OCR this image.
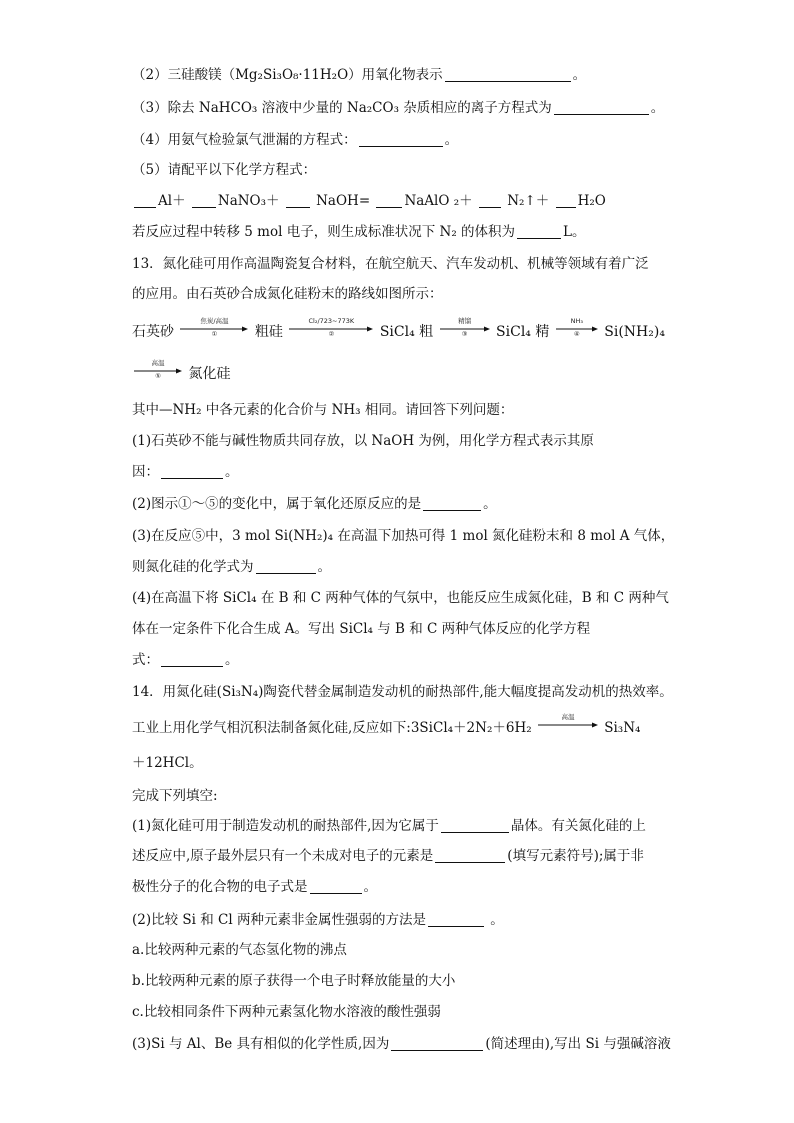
（2）三硅酸镁（Mg₂Si₃O₈·11H₂O）用氧化物表示	。
（3）除去 NaHCO₃ 溶液中少量的 Na₂CO₃ 杂质相应的离子方程式为	。
（4）用氨气检验氯气泄漏的方程式：	。
（5）请配平以下化学方程式：
Al＋ NaNO₃＋  NaOH= NaAlO ₂＋  N₂↑＋ H₂O
若反应过程中转移 5 mol 电子，则生成标准状况下 N₂ 的体积为	L。
13．氮化硅可用作高温陶瓷复合材料，在航空航天、汽车发动机、机械等领域有着广泛
的应用。由石英砂合成氮化硅粉末的路线如图所示：
石英砂
焦炭/高温
①	粗硅
Cl₂/723~773K
②	SiCl₄ 粗
精馏
③	SiCl₄ 精
NH₃
④	Si(NH₂)₄
高温
⑤	氮化硅
其中—NH₂ 中各元素的化合价与 NH₃ 相同。请回答下列问题：
(1)石英砂不能与碱性物质共同存放，以 NaOH 为例，用化学方程式表示其原
因：	。
(2)图示①～⑤的变化中，属于氧化还原反应的是	。
(3)在反应⑤中，3 mol Si(NH₂)₄ 在高温下加热可得 1 mol 氮化硅粉末和 8 mol A 气体，
则氮化硅的化学式为	。
(4)在高温下将 SiCl₄ 在 B 和 C 两种气体的气氛中，也能反应生成氮化硅，B 和 C 两种气
体在一定条件下化合生成 A。写出 SiCl₄ 与 B 和 C 两种气体反应的化学方程
式：	。
14．用氮化硅(Si₃N₄)陶瓷代替金属制造发动机的耐热部件,能大幅度提高发动机的热效率。
工业上用化学气相沉积法制备氮化硅,反应如下:3SiCl₄＋2N₂＋6H₂
高温
Si₃N₄
＋12HCl。
完成下列填空:
(1)氮化硅可用于制造发动机的耐热部件,因为它属于	晶体。有关氮化硅的上
述反应中,原子最外层只有一个未成对电子的元素是	(填写元素符号);属于非
极性分子的化合物的电子式是	。
(2)比较 Si 和 Cl 两种元素非金属性强弱的方法是	。
a.比较两种元素的气态氢化物的沸点
b.比较两种元素的原子获得一个电子时释放能量的大小
c.比较相同条件下两种元素氢化物水溶液的酸性强弱
(3)Si 与 Al、Be 具有相似的化学性质,因为	(简述理由),写出 Si 与强碱溶液
